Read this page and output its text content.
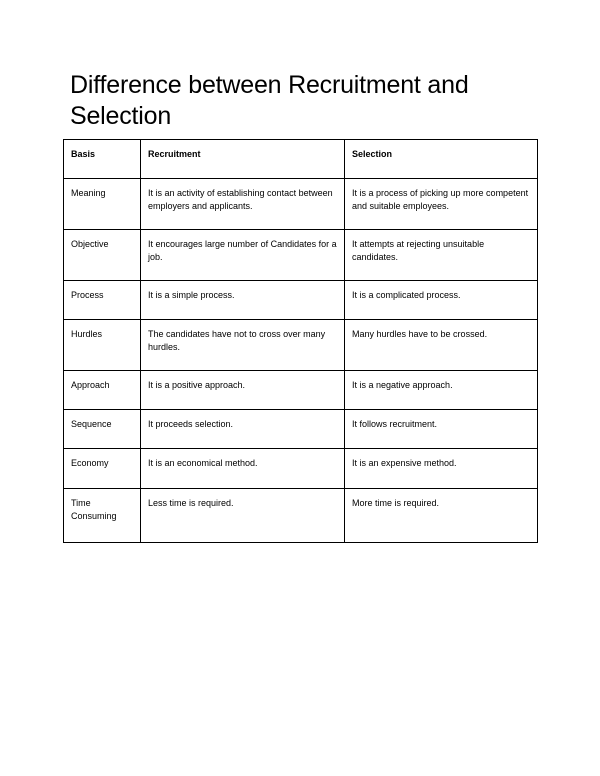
Difference between Recruitment and Selection
Basis	Recruitment	Selection
Meaning	It is an activity of establishing contact between employers and applicants.	It is a process of picking up more competent and suitable employees.
Objective	It encourages large number of Candidates for a job.	It attempts at rejecting unsuitable candidates.
Process	It is a simple process.	It is a complicated process.
Hurdles	The candidates have not to cross over many hurdles.	Many hurdles have to be crossed.
Approach	It is a positive approach.	It is a negative approach.
Sequence	It proceeds selection.	It follows recruitment.
Economy	It is an economical method.	It is an expensive method.
Time Consuming	Less time is required.	More time is required.
